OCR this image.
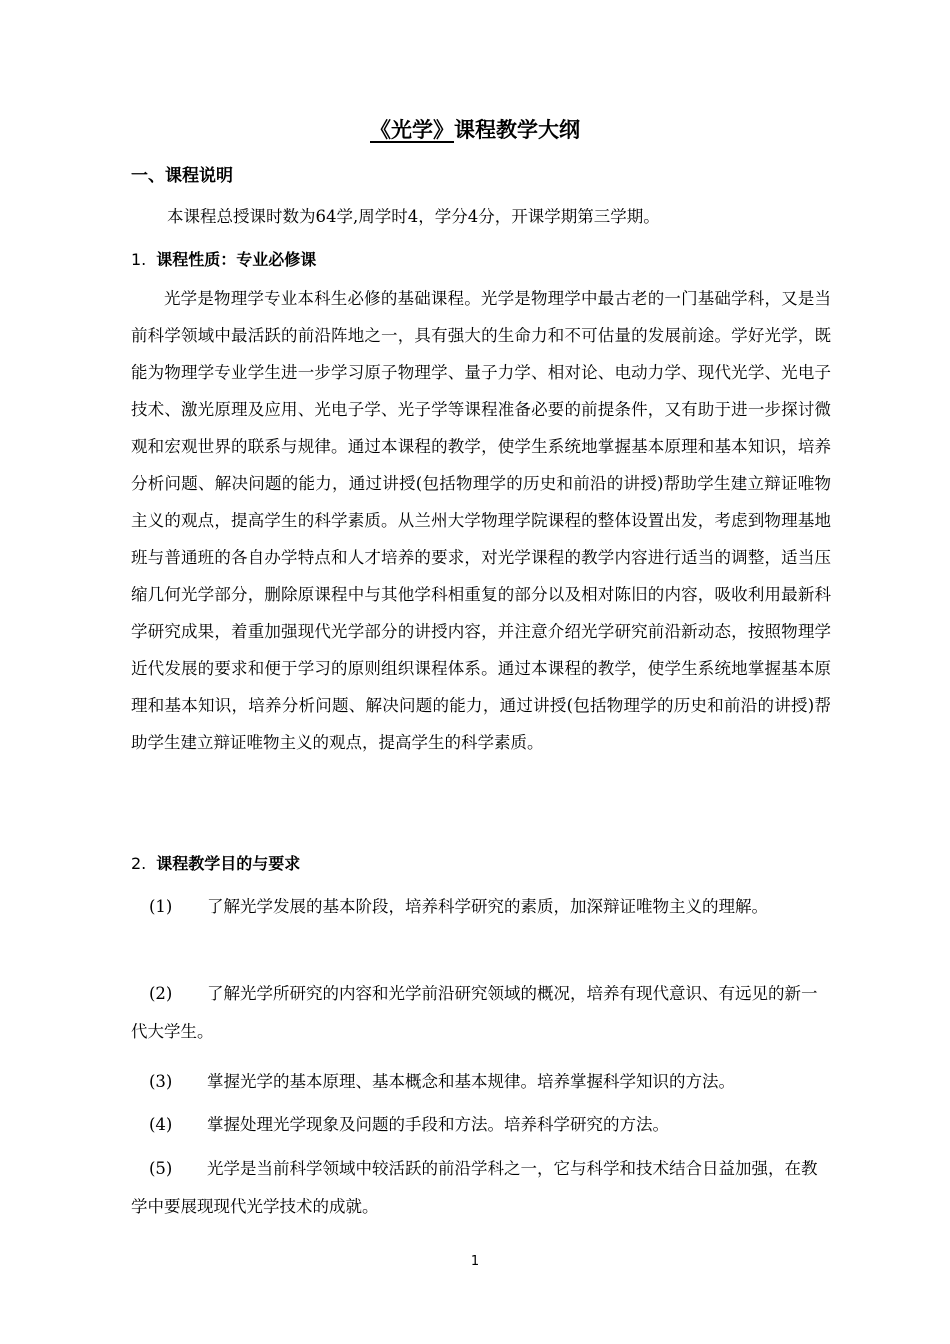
《光学》课程教学大纲
一、课程说明
本课程总授课时数为64学,周学时4，学分4分，开课学期第三学期。
1. 课程性质：专业必修课

光学是物理学专业本科生必修的基础课程。光学是物理学中最古老的一门基础学科，又是当前科学领域中最活跃的前沿阵地之一，具有强大的生命力和不可估量的发展前途。学好光学，既能为物理学专业学生进一步学习原子物理学、量子力学、相对论、电动力学、现代光学、光电子技术、激光原理及应用、光电子学、光子学等课程准备必要的前提条件，又有助于进一步探讨微观和宏观世界的联系与规律。通过本课程的教学，使学生系统地掌握基本原理和基本知识，培养分析问题、解决问题的能力，通过讲授(包括物理学的历史和前沿的讲授)帮助学生建立辩证唯物主义的观点，提高学生的科学素质。从兰州大学物理学院课程的整体设置出发，考虑到物理基地班与普通班的各自办学特点和人才培养的要求，对光学课程的教学内容进行适当的调整，适当压缩几何光学部分，删除原课程中与其他学科相重复的部分以及相对陈旧的内容，吸收利用最新科学研究成果，着重加强现代光学部分的讲授内容，并注意介绍光学研究前沿新动态，按照物理学近代发展的要求和便于学习的原则组织课程体系。通过本课程的教学，使学生系统地掌握基本原理和基本知识，培养分析问题、解决问题的能力，通过讲授(包括物理学的历史和前沿的讲授)帮助学生建立辩证唯物主义的观点，提高学生的科学素质。

2. 课程教学目的与要求

(1) 了解光学发展的基本阶段，培养科学研究的素质，加深辩证唯物主义的理解。

(2) 了解光学所研究的内容和光学前沿研究领域的概况，培养有现代意识、有远见的新一代大学生。

(3) 掌握光学的基本原理、基本概念和基本规律。培养掌握科学知识的方法。

(4) 掌握处理光学现象及问题的手段和方法。培养科学研究的方法。

(5) 光学是当前科学领域中较活跃的前沿学科之一，它与科学和技术结合日益加强，在教学中要展现现代光学技术的成就。

1
